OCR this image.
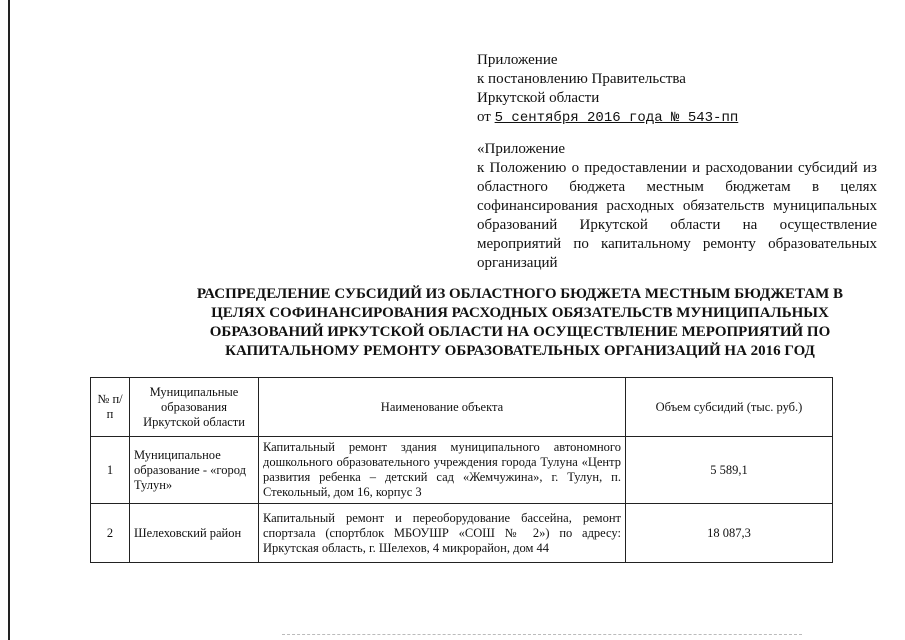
Приложение
к постановлению Правительства
Иркутской области
от 5 сентября 2016 года № 543-пп

«Приложение

к Положению о предоставлении и расходовании субсидий из областного бюджета местным бюджетам в целях софинансирования расходных обязательств муниципальных образований Иркутской области на осуществление мероприятий по капитальному ремонту образовательных организаций

РАСПРЕДЕЛЕНИЕ СУБСИДИЙ ИЗ ОБЛАСТНОГО БЮДЖЕТА МЕСТНЫМ БЮДЖЕТАМ В
ЦЕЛЯХ СОФИНАНСИРОВАНИЯ РАСХОДНЫХ ОБЯЗАТЕЛЬСТВ МУНИЦИПАЛЬНЫХ
ОБРАЗОВАНИЙ ИРКУТСКОЙ ОБЛАСТИ НА ОСУЩЕСТВЛЕНИЕ МЕРОПРИЯТИЙ ПО
КАПИТАЛЬНОМУ РЕМОНТУ ОБРАЗОВАТЕЛЬНЫХ ОРГАНИЗАЦИЙ НА 2016 ГОД
№ п/п	Муниципальные образования Иркутской области	Наименование объекта	Объем субсидий (тыс. руб.)
1	Муниципальное образование - «город Тулун»	Капитальный ремонт здания муниципального автономного дошкольного образовательного учреждения города Тулуна «Центр развития ребенка – детский сад «Жемчужина», г. Тулун, п. Стекольный, дом 16, корпус 3	5 589,1
2	Шелеховский район	Капитальный ремонт и переоборудование бассейна, ремонт спортзала (спортблок МБОУШР «СОШ № 2») по адресу: Иркутская область, г. Шелехов, 4 микрорайон, дом 44	18 087,3
